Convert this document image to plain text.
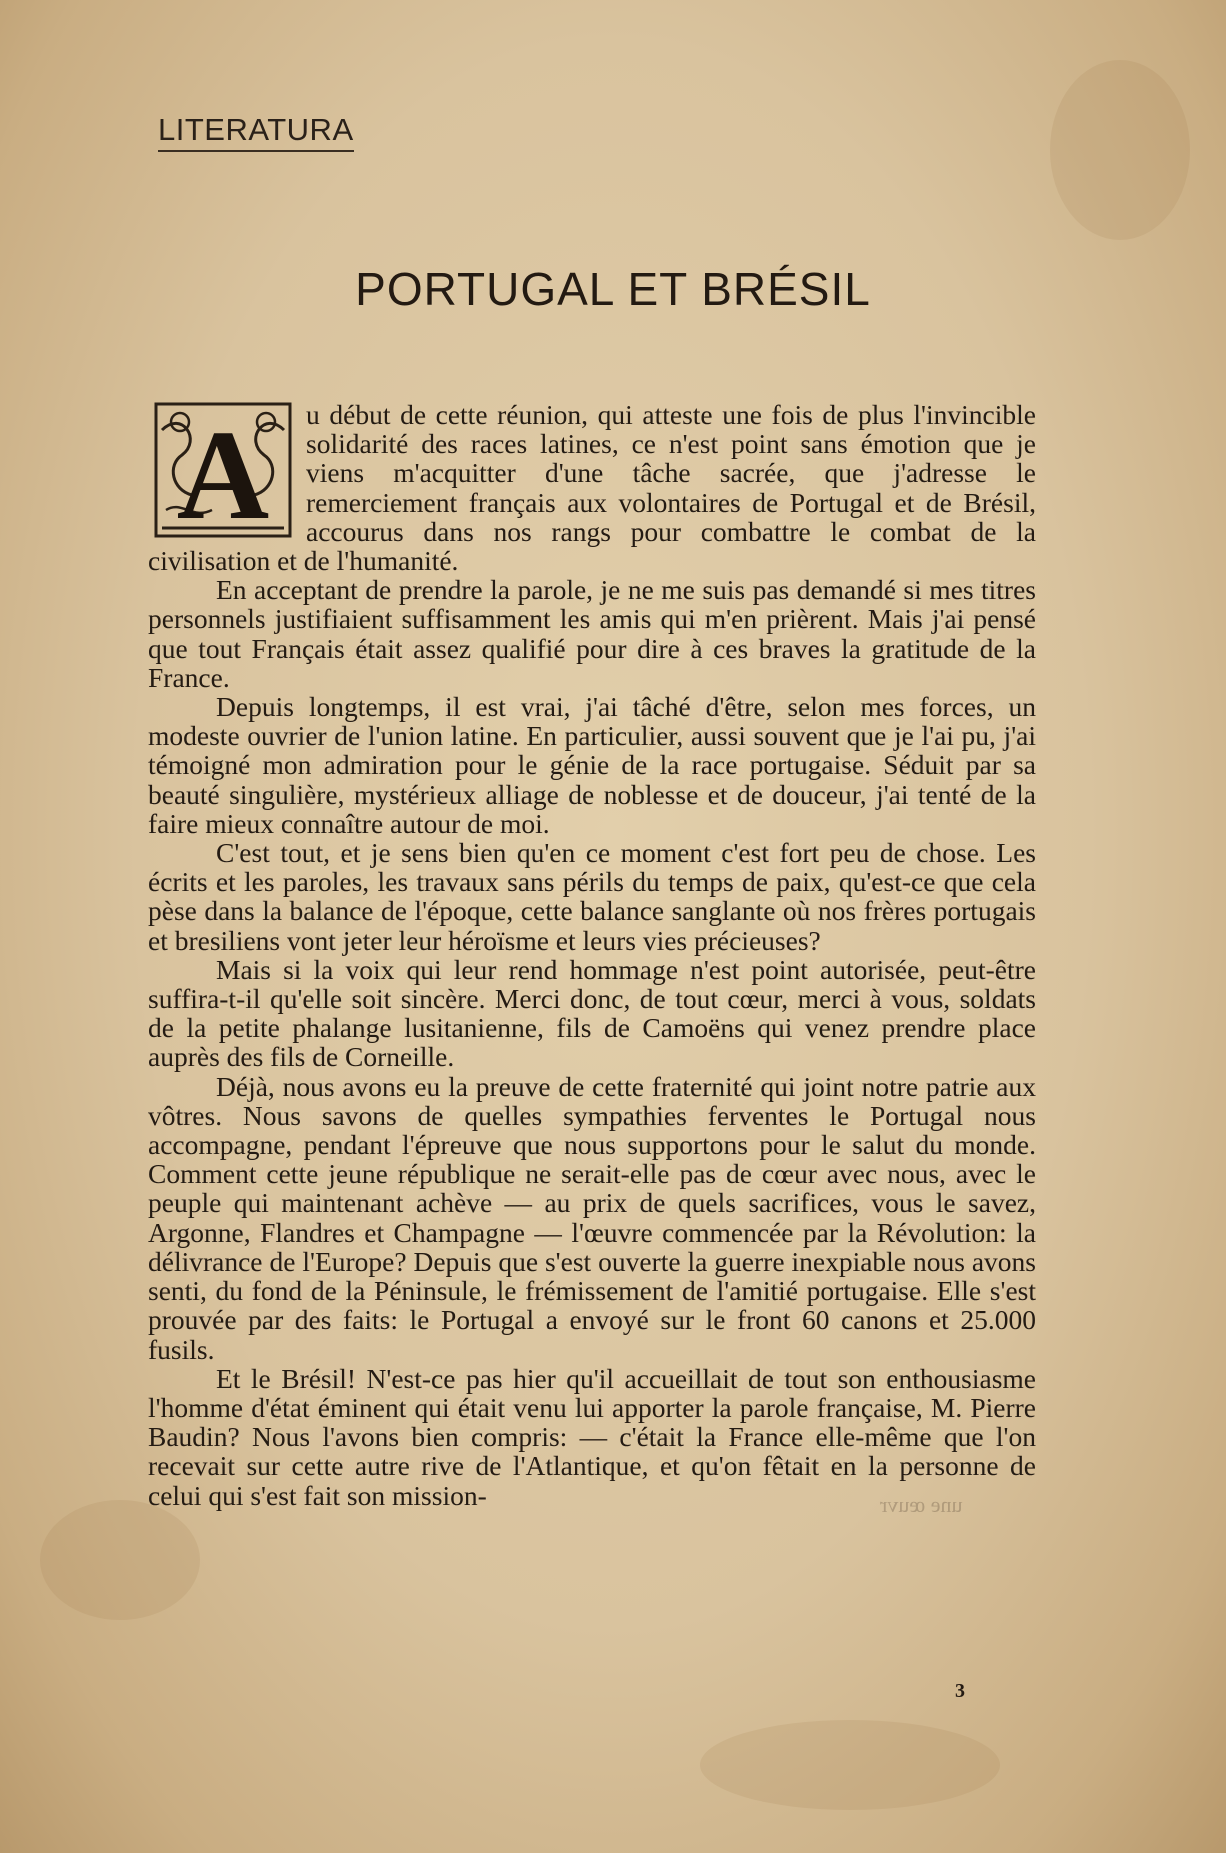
LITERATURA
PORTUGAL ET BRÉSIL
A	u début de cette réunion, qui atteste une fois de plus l'invincible solidarité des races latines, ce n'est point sans émotion que je viens m'acquitter d'une tâche sacrée, que j'adresse le remerciement français aux volontaires de Portugal et de Brésil, accourus dans nos rangs pour combattre le combat de la civilisation et de l'humanité.

En acceptant de prendre la parole, je ne me suis pas demandé si mes titres personnels justifiaient suffisamment les amis qui m'en prièrent. Mais j'ai pensé que tout Français était assez qualifié pour dire à ces braves la gratitude de la France.

Depuis longtemps, il est vrai, j'ai tâché d'être, selon mes forces, un modeste ouvrier de l'union latine. En particulier, aussi souvent que je l'ai pu, j'ai témoigné mon admiration pour le génie de la race portugaise. Séduit par sa beauté singulière, mystérieux alliage de noblesse et de douceur, j'ai tenté de la faire mieux connaître autour de moi.

C'est tout, et je sens bien qu'en ce moment c'est fort peu de chose. Les écrits et les paroles, les travaux sans périls du temps de paix, qu'est-ce que cela pèse dans la balance de l'époque, cette balance sanglante où nos frères portugais et bresiliens vont jeter leur héroïsme et leurs vies précieuses?

Mais si la voix qui leur rend hommage n'est point autorisée, peut-être suffira-t-il qu'elle soit sincère. Merci donc, de tout cœur, merci à vous, soldats de la petite phalange lusitanienne, fils de Camoëns qui venez prendre place auprès des fils de Corneille.

Déjà, nous avons eu la preuve de cette fraternité qui joint notre patrie aux vôtres. Nous savons de quelles sympathies ferventes le Portugal nous accompagne, pendant l'épreuve que nous supportons pour le salut du monde. Comment cette jeune république ne serait-elle pas de cœur avec nous, avec le peuple qui maintenant achève — au prix de quels sacrifices, vous le savez, Argonne, Flandres et Champagne — l'œuvre commencée par la Révolution: la délivrance de l'Europe? Depuis que s'est ouverte la guerre inexpiable nous avons senti, du fond de la Péninsule, le frémissement de l'amitié portugaise. Elle s'est prouvée par des faits: le Portugal a envoyé sur le front 60 canons et 25.000 fusils.

Et le Brésil! N'est-ce pas hier qu'il accueillait de tout son enthousiasme l'homme d'état éminent qui était venu lui apporter la parole française, M. Pierre Baudin? Nous l'avons bien compris: — c'était la France elle-même que l'on recevait sur cette autre rive de l'Atlantique, et qu'on fêtait en la personne de celui qui s'est fait son mission-	une œuvr
3
